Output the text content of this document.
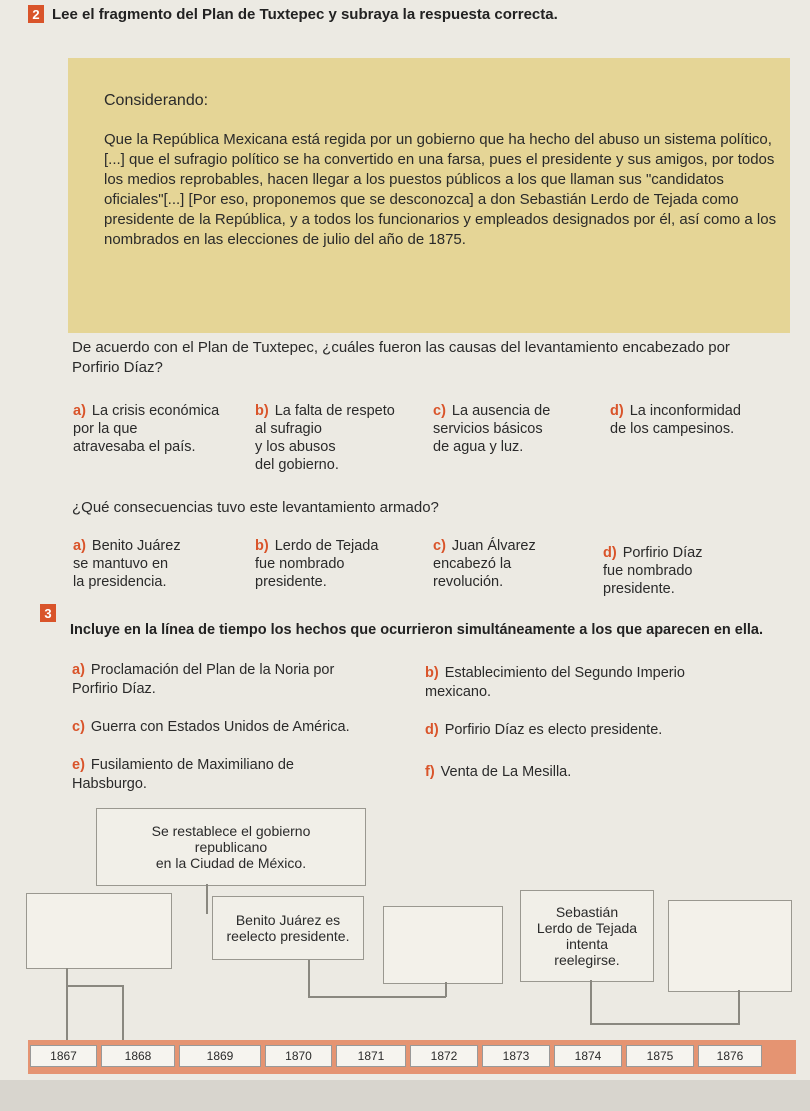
2 Lee el fragmento del Plan de Tuxtepec y subraya la respuesta correcta.
Considerando:
Que la República Mexicana está regida por un gobierno que ha hecho del abuso un sistema político, [...] que el sufragio político se ha convertido en una farsa, pues el presidente y sus amigos, por todos los medios reprobables, hacen llegar a los puestos públicos a los que llaman sus "candidatos oficiales"[...] [Por eso, proponemos que se desconozca] a don Sebastián Lerdo de Tejada como presidente de la República, y a todos los funcionarios y empleados designados por él, así como a los nombrados en las elecciones de julio del año de 1875.
De acuerdo con el Plan de Tuxtepec, ¿cuáles fueron las causas del levantamiento encabezado por Porfirio Díaz?
a) La crisis económica
por la que
atravesaba el país.
b) La falta de respeto
al sufragio
y los abusos
del gobierno.
c) La ausencia de
servicios básicos
de agua y luz.
d) La inconformidad
de los campesinos.
¿Qué consecuencias tuvo este levantamiento armado?
a) Benito Juárez
se mantuvo en
la presidencia.
b) Lerdo de Tejada
fue nombrado
presidente.
c) Juan Álvarez
encabezó la
revolución.
d) Porfirio Díaz
fue nombrado
presidente.
3
Incluye en la línea de tiempo los hechos que ocurrieron simultáneamente a los que aparecen en ella.
a) Proclamación del Plan de la Noria por Porfirio Díaz.
b) Establecimiento del Segundo Imperio mexicano.
c) Guerra con Estados Unidos de América.	d) Porfirio Díaz es electo presidente.
e) Fusilamiento de Maximiliano de Habsburgo.
f) Venta de La Mesilla.
Se restablece el gobierno
republicano
en la Ciudad de México.
Benito Juárez es
reelecto presidente.
Sebastián
Lerdo de Tejada
intenta
reelegirse.
1867	1868	1869	1870	1871	1872	1873	1874	1875	1876
